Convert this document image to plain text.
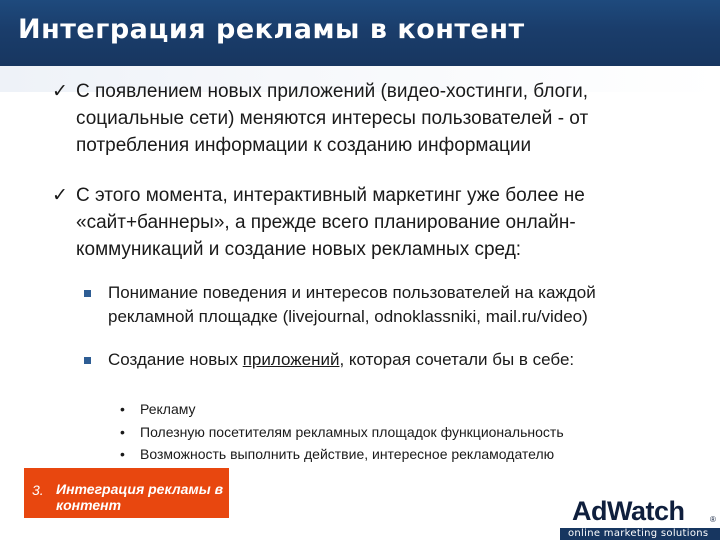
Интеграция рекламы в контент
✓ С появлением новых приложений (видео-хостинги, блоги, социальные сети) меняются интересы пользователей - от потребления информации к созданию информации
✓ С этого момента, интерактивный маркетинг уже более не «сайт+баннеры», а прежде всего планирование онлайн-коммуникаций и создание новых рекламных сред:
Понимание поведения и интересов пользователей на каждой рекламной площадке (livejournal, odnoklassniki, mail.ru/video)
Создание новых приложений, которая сочетали бы в себе:
•	Рекламу
•	Полезную посетителям рекламных площадок функциональность
•	Возможность выполнить действие, интересное рекламодателю
3. Интеграция рекламы в контент	AdWatch	®
online marketing solutions
